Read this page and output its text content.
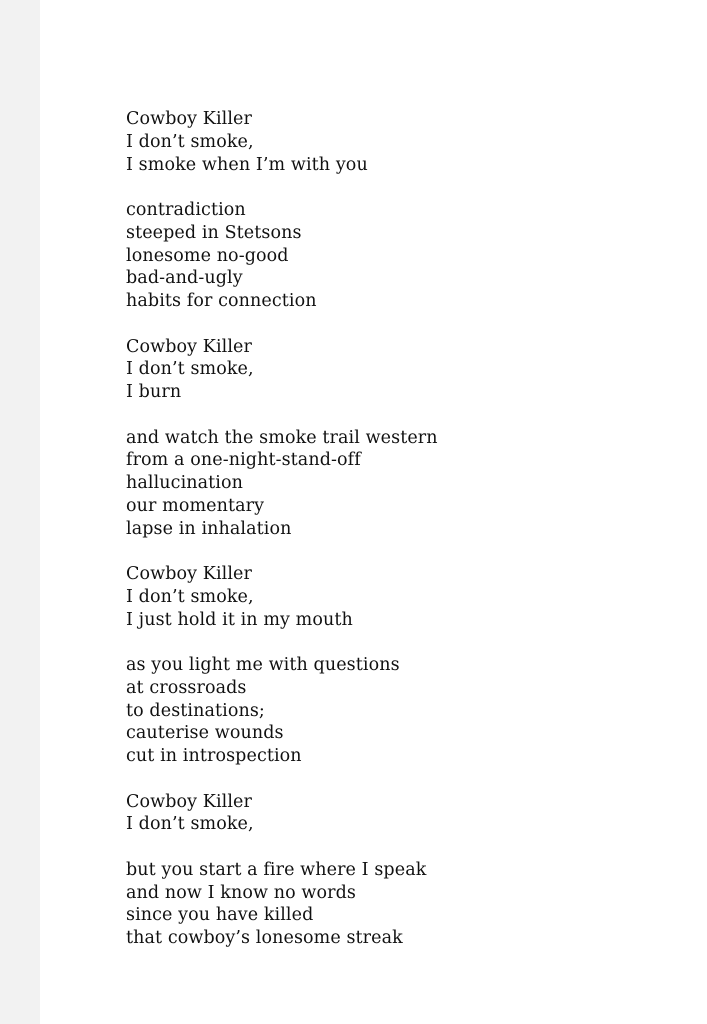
Cowboy Killer
I don’t smoke,
I smoke when I’m with you
contradiction
steeped in Stetsons
lonesome no-good
bad-and-ugly
habits for connection
Cowboy Killer
I don’t smoke,
I burn
and watch the smoke trail western
from a one-night-stand-off
hallucination
our momentary
lapse in inhalation
Cowboy Killer
I don’t smoke,
I just hold it in my mouth
as you light me with questions
at crossroads
to destinations;
cauterise wounds
cut in introspection
Cowboy Killer
I don’t smoke,
but you start a fire where I speak
and now I know no words
since you have killed
that cowboy’s lonesome streak
